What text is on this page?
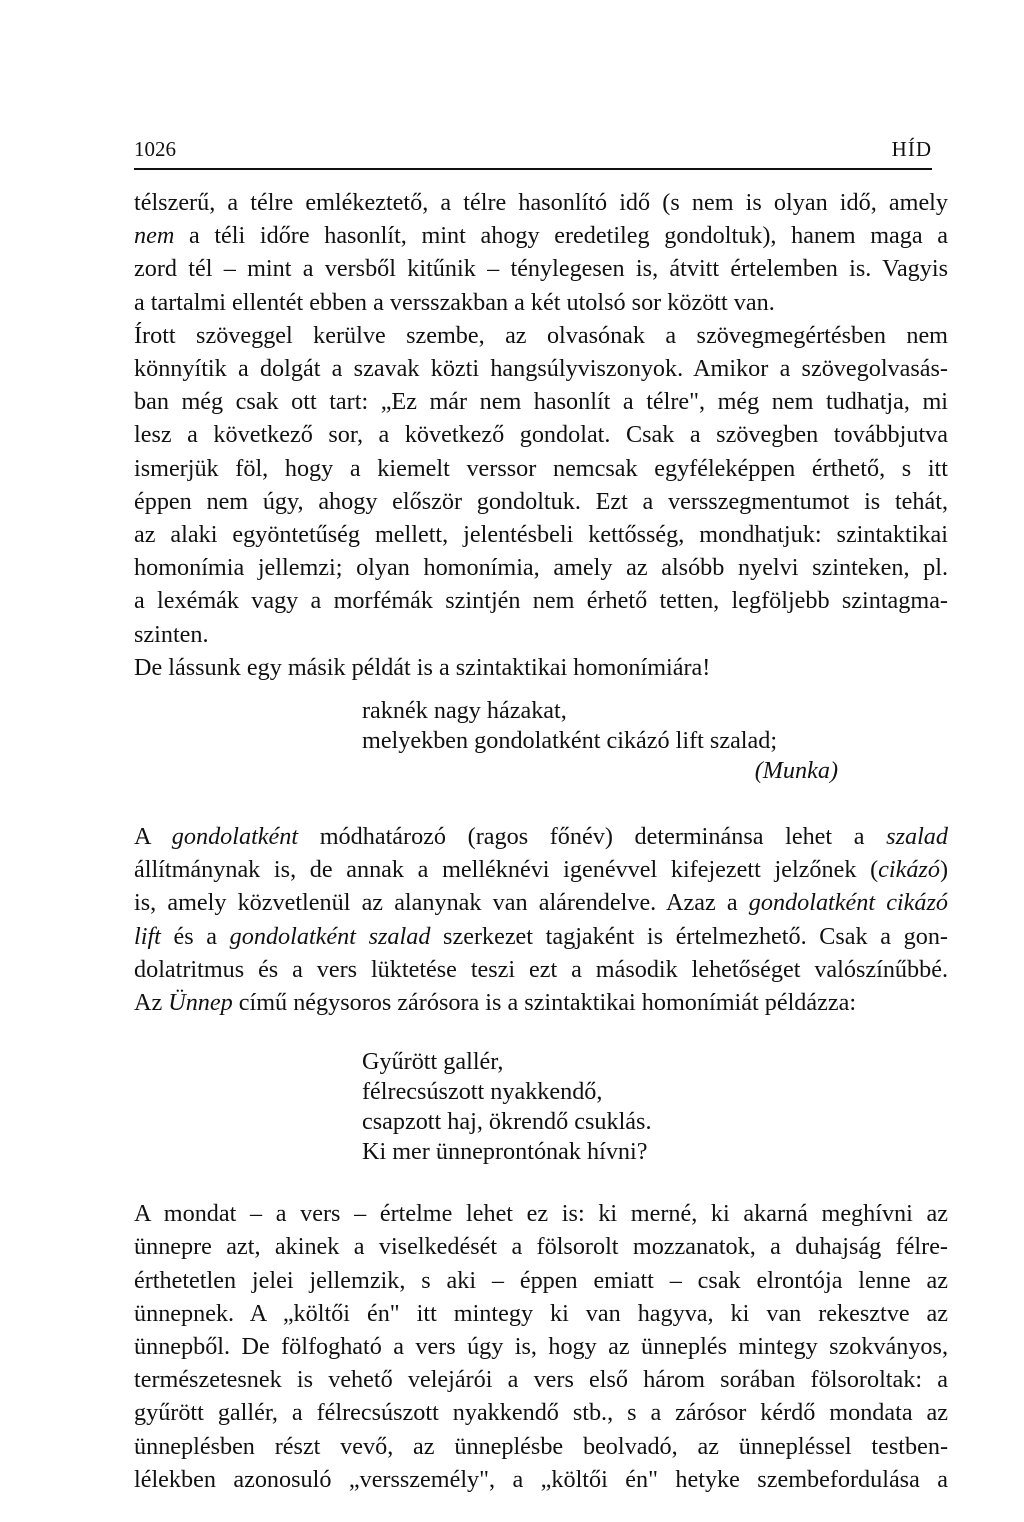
1026	HÍD

télszerű, a télre emlékeztető, a télre hasonlító idő (s nem is olyan idő, amely
nem a téli időre hasonlít, mint ahogy eredetileg gondoltuk), hanem maga a
zord tél – mint a versből kitűnik – ténylegesen is, átvitt értelemben is. Vagyis
a tartalmi ellentét ebben a versszakban a két utolsó sor között van.

Írott szöveggel kerülve szembe, az olvasónak a szövegmegértésben nem
könnyítik a dolgát a szavak közti hangsúlyviszonyok. Amikor a szövegolvasás-
ban még csak ott tart: „Ez már nem hasonlít a télre", még nem tudhatja, mi
lesz a következő sor, a következő gondolat. Csak a szövegben továbbjutva
ismerjük föl, hogy a kiemelt verssor nemcsak egyféleképpen érthető, s itt
éppen nem úgy, ahogy először gondoltuk. Ezt a versszegmentumot is tehát,
az alaki egyöntetűség mellett, jelentésbeli kettősség, mondhatjuk: szintaktikai
homonímia jellemzi; olyan homonímia, amely az alsóbb nyelvi szinteken, pl.
a lexémák vagy a morfémák szintjén nem érhető tetten, legföljebb szintagma-
szinten.

De lássunk egy másik példát is a szintaktikai homonímiára!

raknék nagy házakat,
melyekben gondolatként cikázó lift szalad;
(Munka)

A gondolatként módhatározó (ragos főnév) determinánsa lehet a szalad
állítmánynak is, de annak a melléknévi igenévvel kifejezett jelzőnek (cikázó)
is, amely közvetlenül az alanynak van alárendelve. Azaz a gondolatként cikázó
lift és a gondolatként szalad szerkezet tagjaként is értelmezhető. Csak a gon-
dolatritmus és a vers lüktetése teszi ezt a második lehetőséget valószínűbbé.

Az Ünnep című négysoros zárósora is a szintaktikai homonímiát példázza:

Gyűrött gallér,
félrecsúszott nyakkendő,
csapzott haj, ökrendő csuklás.
Ki mer ünneprontónak hívni?

A mondat – a vers – értelme lehet ez is: ki merné, ki akarná meghívni az
ünnepre azt, akinek a viselkedését a fölsorolt mozzanatok, a duhajság félre-
érthetetlen jelei jellemzik, s aki – éppen emiatt – csak elrontója lenne az
ünnepnek. A „költői én" itt mintegy ki van hagyva, ki van rekesztve az
ünnepből. De fölfogható a vers úgy is, hogy az ünneplés mintegy szokványos,
természetesnek is vehető velejárói a vers első három sorában fölsoroltak: a
gyűrött gallér, a félrecsúszott nyakkendő stb., s a zárósor kérdő mondata az
ünneplésben részt vevő, az ünneplésbe beolvadó, az ünnepléssel testben-
lélekben azonosuló „versszemély", a „költői én" hetyke szembefordulása a
